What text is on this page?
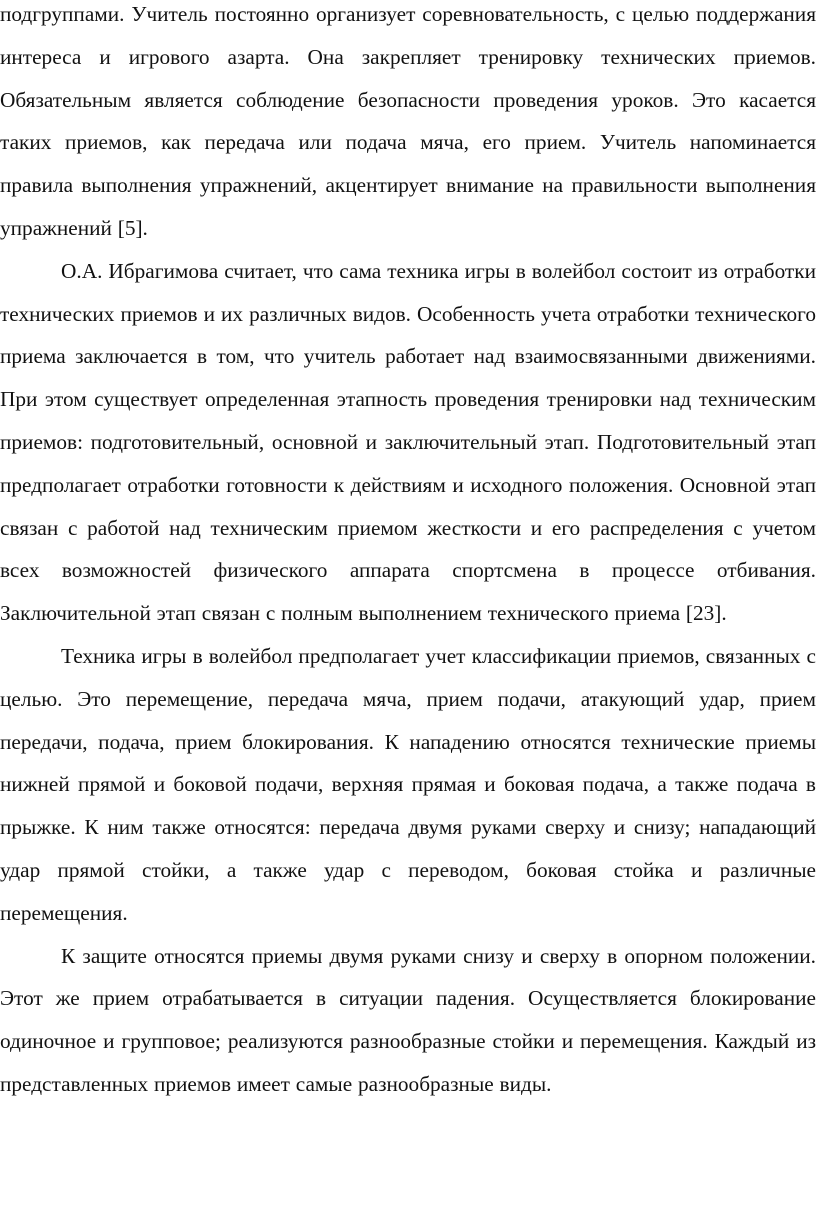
подгруппами. Учитель постоянно организует соревновательность, с целью поддержания интереса и игрового азарта. Она закрепляет тренировку технических приемов. Обязательным является соблюдение безопасности проведения уроков. Это касается таких приемов, как передача или подача мяча, его прием. Учитель напоминается правила выполнения упражнений, акцентирует внимание на правильности выполнения упражнений [5].

О.А. Ибрагимова считает, что сама техника игры в волейбол состоит из отработки технических приемов и их различных видов. Особенность учета отработки технического приема заключается в том, что учитель работает над взаимосвязанными движениями. При этом существует определенная этапность проведения тренировки над техническим приемов: подготовительный, основной и заключительный этап. Подготовительный этап предполагает отработки готовности к действиям и исходного положения. Основной этап связан с работой над техническим приемом жесткости и его распределения с учетом всех возможностей физического аппарата спортсмена в процессе отбивания. Заключительной этап связан с полным выполнением технического приема [23].

Техника игры в волейбол предполагает учет классификации приемов, связанных с целью. Это перемещение, передача мяча, прием подачи, атакующий удар, прием передачи, подача, прием блокирования. К нападению относятся технические приемы нижней прямой и боковой подачи, верхняя прямая и боковая подача, а также подача в прыжке. К ним также относятся: передача двумя руками сверху и снизу; нападающий удар прямой стойки, а также удар с переводом, боковая стойка и различные перемещения.

К защите относятся приемы двумя руками снизу и сверху в опорном положении. Этот же прием отрабатывается в ситуации падения. Осуществляется блокирование одиночное и групповое; реализуются разнообразные стойки и перемещения. Каждый из представленных приемов имеет самые разнообразные виды.
